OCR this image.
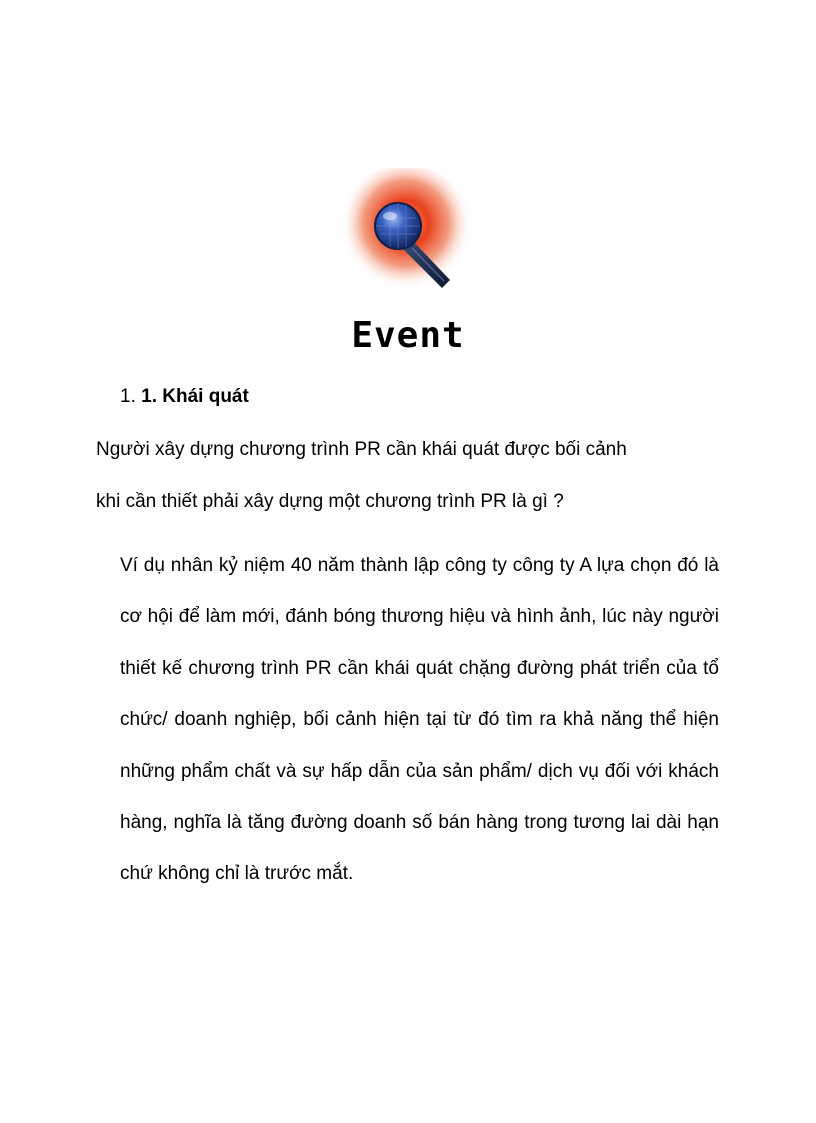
Event

1. 1. Khái quát

Người xây dựng chương trình PR cần khái quát được bối cảnh

khi cần thiết phải xây dựng một chương trình PR là gì ?

Ví dụ nhân kỷ niệm 40 năm thành lập công ty công ty A lựa chọn đó là cơ hội để làm mới, đánh bóng thương hiệu và hình ảnh, lúc này người thiết kế chương trình PR cần khái quát chặng đường phát triển của tổ chức/ doanh nghiệp, bối cảnh hiện tại từ đó tìm ra khả năng thể hiện những phẩm chất và sự hấp dẫn của sản phẩm/ dịch vụ đối với khách hàng, nghĩa là tăng đường doanh số bán hàng trong tương lai dài hạn chứ không chỉ là trước mắt.
